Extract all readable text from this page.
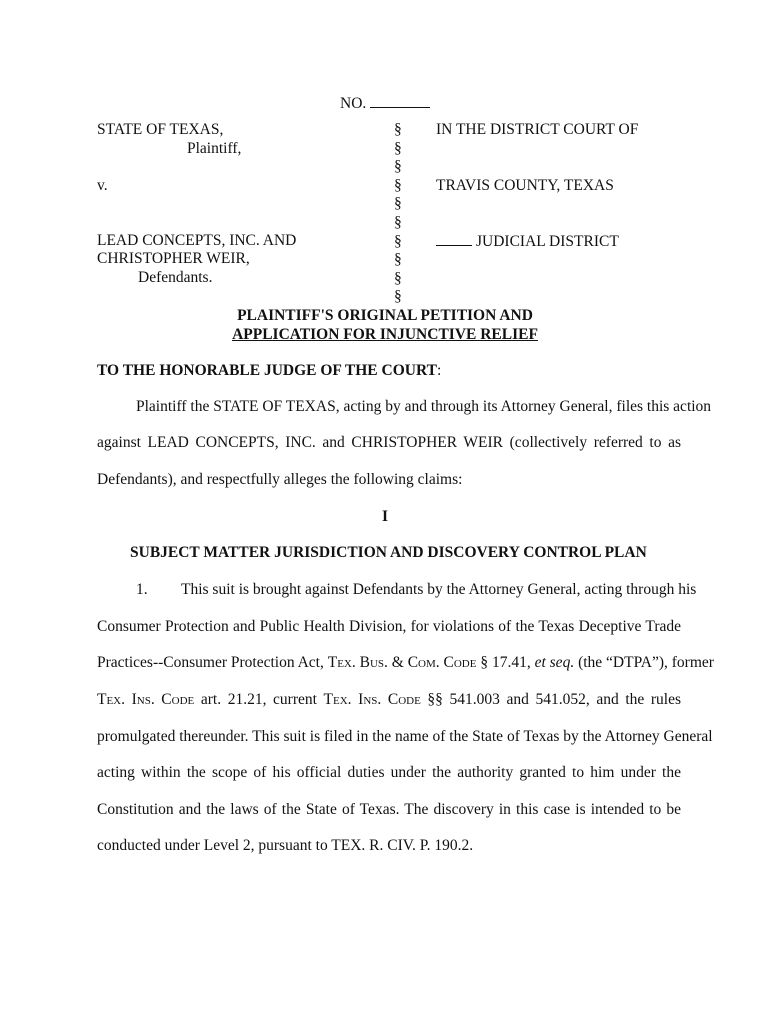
NO.
STATE OF TEXAS,
Plaintiff,
v.
LEAD CONCEPTS, INC. AND
CHRISTOPHER WEIR,
Defendants.
§
§
§
§
§
§
§
§
§
§
IN THE DISTRICT COURT OF
TRAVIS COUNTY, TEXAS
JUDICIAL DISTRICT
PLAINTIFF'S ORIGINAL PETITION AND
APPLICATION FOR INJUNCTIVE RELIEF
TO THE HONORABLE JUDGE OF THE COURT:
Plaintiff the STATE OF TEXAS, acting by and through its Attorney General, files this action
against LEAD CONCEPTS, INC. and CHRISTOPHER WEIR (collectively referred to as
Defendants), and respectfully alleges the following claims:
I
SUBJECT MATTER JURISDICTION AND DISCOVERY CONTROL PLAN
1. This suit is brought against Defendants by the Attorney General, acting through his
Consumer Protection and Public Health Division, for violations of the Texas Deceptive Trade
Practices--Consumer Protection Act, Tex. Bus. & Com. Code § 17.41, et seq. (the “DTPA”), former
Tex. Ins. Code art. 21.21, current Tex. Ins. Code §§ 541.003 and 541.052, and the rules
promulgated thereunder. This suit is filed in the name of the State of Texas by the Attorney General
acting within the scope of his official duties under the authority granted to him under the
Constitution and the laws of the State of Texas. The discovery in this case is intended to be
conducted under Level 2, pursuant to TEX. R. CIV. P. 190.2.
